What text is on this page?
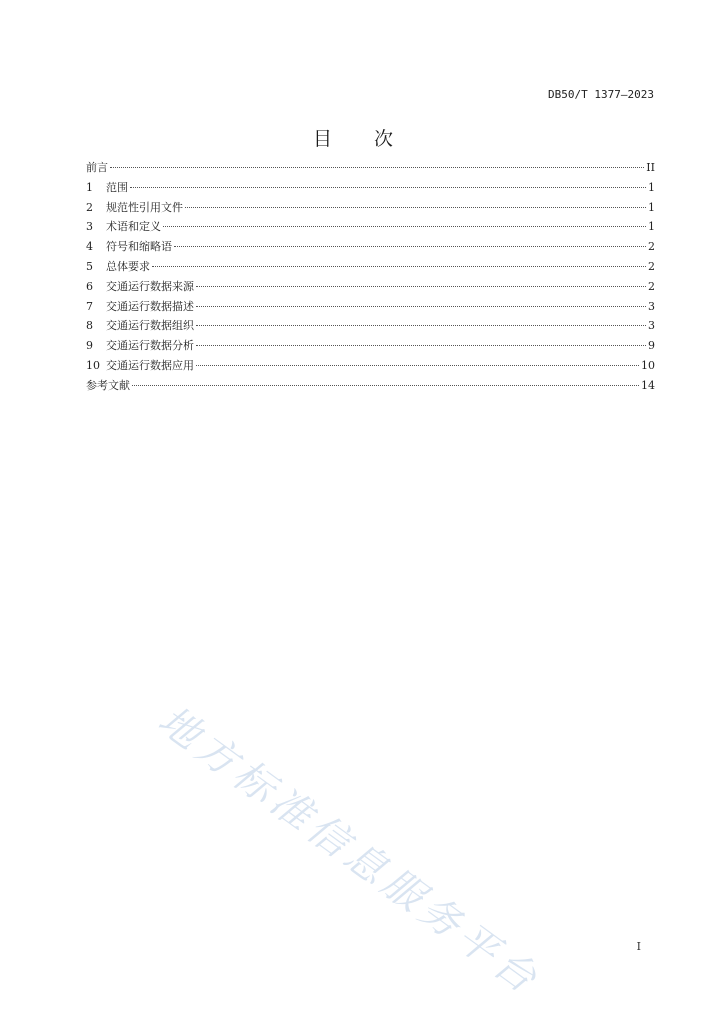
DB50/T 1377—2023
目 次
前言	II
1	范围	1
2	规范性引用文件	1
3	术语和定义	1
4	符号和缩略语	2
5	总体要求	2
6	交通运行数据来源	2
7	交通运行数据描述	3
8	交通运行数据组织	3
9	交通运行数据分析	9
10 交通运行数据应用	10
参考文献	14
地方标准信息服务平台	I
